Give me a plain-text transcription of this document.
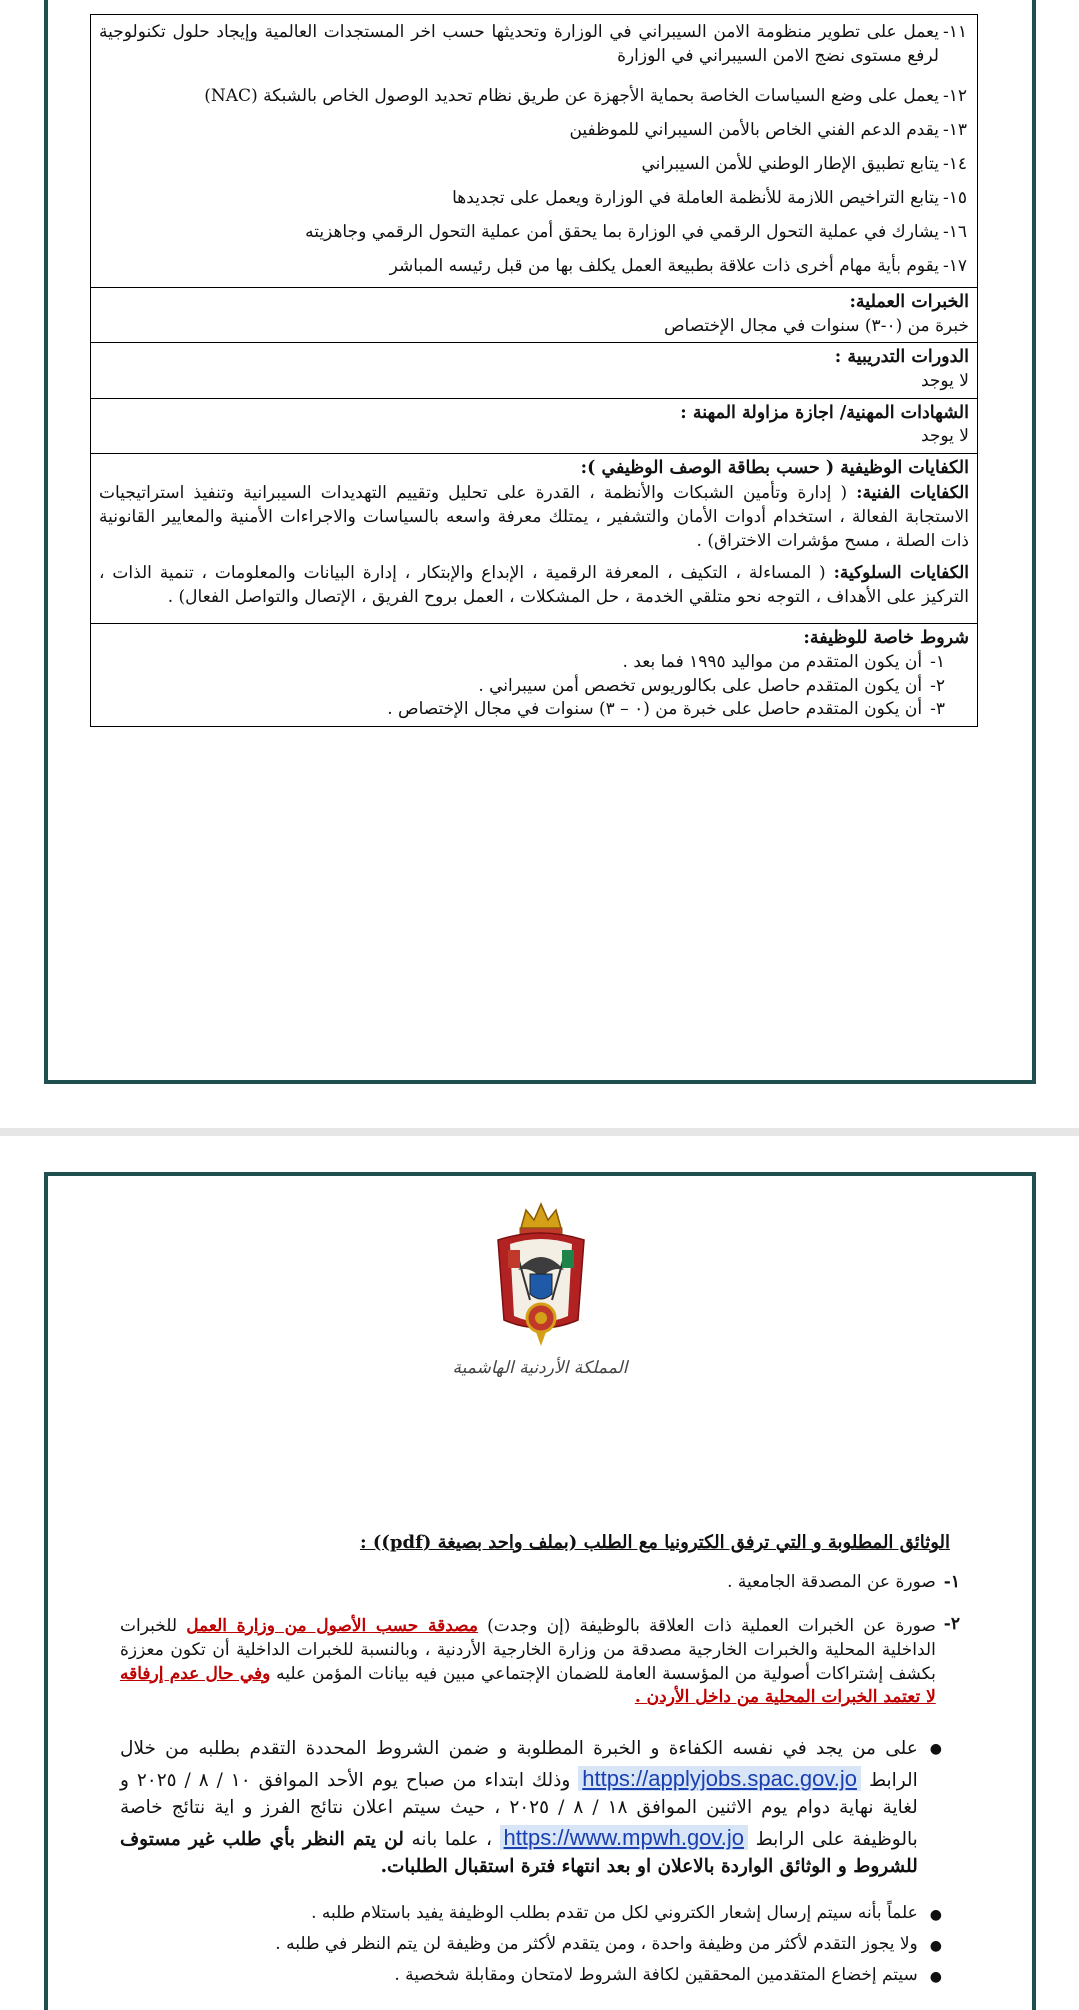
١١-
يعمل على تطوير منظومة الامن السيبراني في الوزارة وتحديثها حسب اخر المستجدات العالمية وإيجاد حلول تكنولوجية لرفع مستوى نضج الامن السيبراني في الوزارة
١٢-
يعمل على وضع السياسات الخاصة بحماية الأجهزة عن طريق نظام تحديد الوصول الخاص بالشبكة (NAC)
١٣-
يقدم الدعم الفني الخاص بالأمن السيبراني للموظفين
١٤-
يتابع تطبيق الإطار الوطني للأمن السيبراني
١٥-
يتابع التراخيص اللازمة للأنظمة العاملة في الوزارة ويعمل على تجديدها
١٦-
يشارك في عملية التحول الرقمي في الوزارة بما يحقق أمن عملية التحول الرقمي وجاهزيته
١٧-
يقوم بأية مهام أخرى ذات علاقة بطبيعة العمل يكلف بها من قبل رئيسه المباشر
الخبرات العملية:
خبرة من (٠-٣) سنوات في مجال الإختصاص
الدورات التدريبية :
لا يوجد
الشهادات المهنية/ اجازة مزاولة المهنة :
لا يوجد
الكفايات الوظيفية ( حسب بطاقة الوصف الوظيفي ):
الكفايات الفنية: ( إدارة وتأمين الشبكات والأنظمة ، القدرة على تحليل وتقييم التهديدات السيبرانية وتنفيذ استراتيجيات الاستجابة الفعالة ، استخدام أدوات الأمان والتشفير ، يمتلك معرفة واسعه بالسياسات والاجراءات الأمنية والمعايير القانونية ذات الصلة ، مسح مؤشرات الاختراق) .
الكفايات السلوكية: ( المساءلة ، التكيف ، المعرفة الرقمية ، الإبداع والإبتكار ، إدارة البيانات والمعلومات ، تنمية الذات ، التركيز على الأهداف ، التوجه نحو متلقي الخدمة ، حل المشكلات ، العمل بروح الفريق ، الإتصال والتواصل الفعال) .
شروط خاصة للوظيفة:
١-
أن يكون المتقدم من مواليد ١٩٩٥ فما بعد .
٢-
أن يكون المتقدم حاصل على بكالوريوس تخصص أمن سيبراني .
٣-
أن يكون المتقدم حاصل على خبرة من (٠ – ٣) سنوات في مجال الإختصاص .
المملكة الأردنية الهاشمية
الوثائق المطلوبة و التي ترفق الكترونيا مع الطلب (بملف واحد بصيغة (pdf)) :
١-
صورة عن المصدقة الجامعية .
٢-
صورة عن الخبرات العملية ذات العلاقة بالوظيفة (إن وجدت) مصدقة حسب الأصول من وزارة العمل للخبرات الداخلية المحلية والخبرات الخارجية مصدقة من وزارة الخارجية الأردنية ، وبالنسبة للخبرات الداخلية أن تكون معززة بكشف إشتراكات أصولية من المؤسسة العامة للضمان الإجتماعي مبين فيه بيانات المؤمن عليه وفي حال عدم إرفاقه لا تعتمد الخبرات المحلية من داخل الأردن .
●
على من يجد في نفسه الكفاءة و الخبرة المطلوبة و ضمن الشروط المحددة التقدم بطلبه من خلال الرابط https://applyjobs.spac.gov.jo وذلك ابتداء من صباح يوم الأحد الموافق ١٠ / ٨ / ٢٠٢٥ و لغاية نهاية دوام يوم الاثنين الموافق ١٨ / ٨ / ٢٠٢٥ ، حيث سيتم اعلان نتائج الفرز و اية نتائج خاصة بالوظيفة على الرابط https://www.mpwh.gov.jo ، علما بانه لن يتم النظر بأي طلب غير مستوف للشروط و الوثائق الواردة بالاعلان او بعد انتهاء فترة استقبال الطلبات.
●
علماً بأنه سيتم إرسال إشعار الكتروني لكل من تقدم بطلب الوظيفة يفيد باستلام طلبه .
●
ولا يجوز التقدم لأكثر من وظيفة واحدة ، ومن يتقدم لأكثر من وظيفة لن يتم النظر في طلبه .
●
سيتم إخضاع المتقدمين المحققين لكافة الشروط لامتحان ومقابلة شخصية .
